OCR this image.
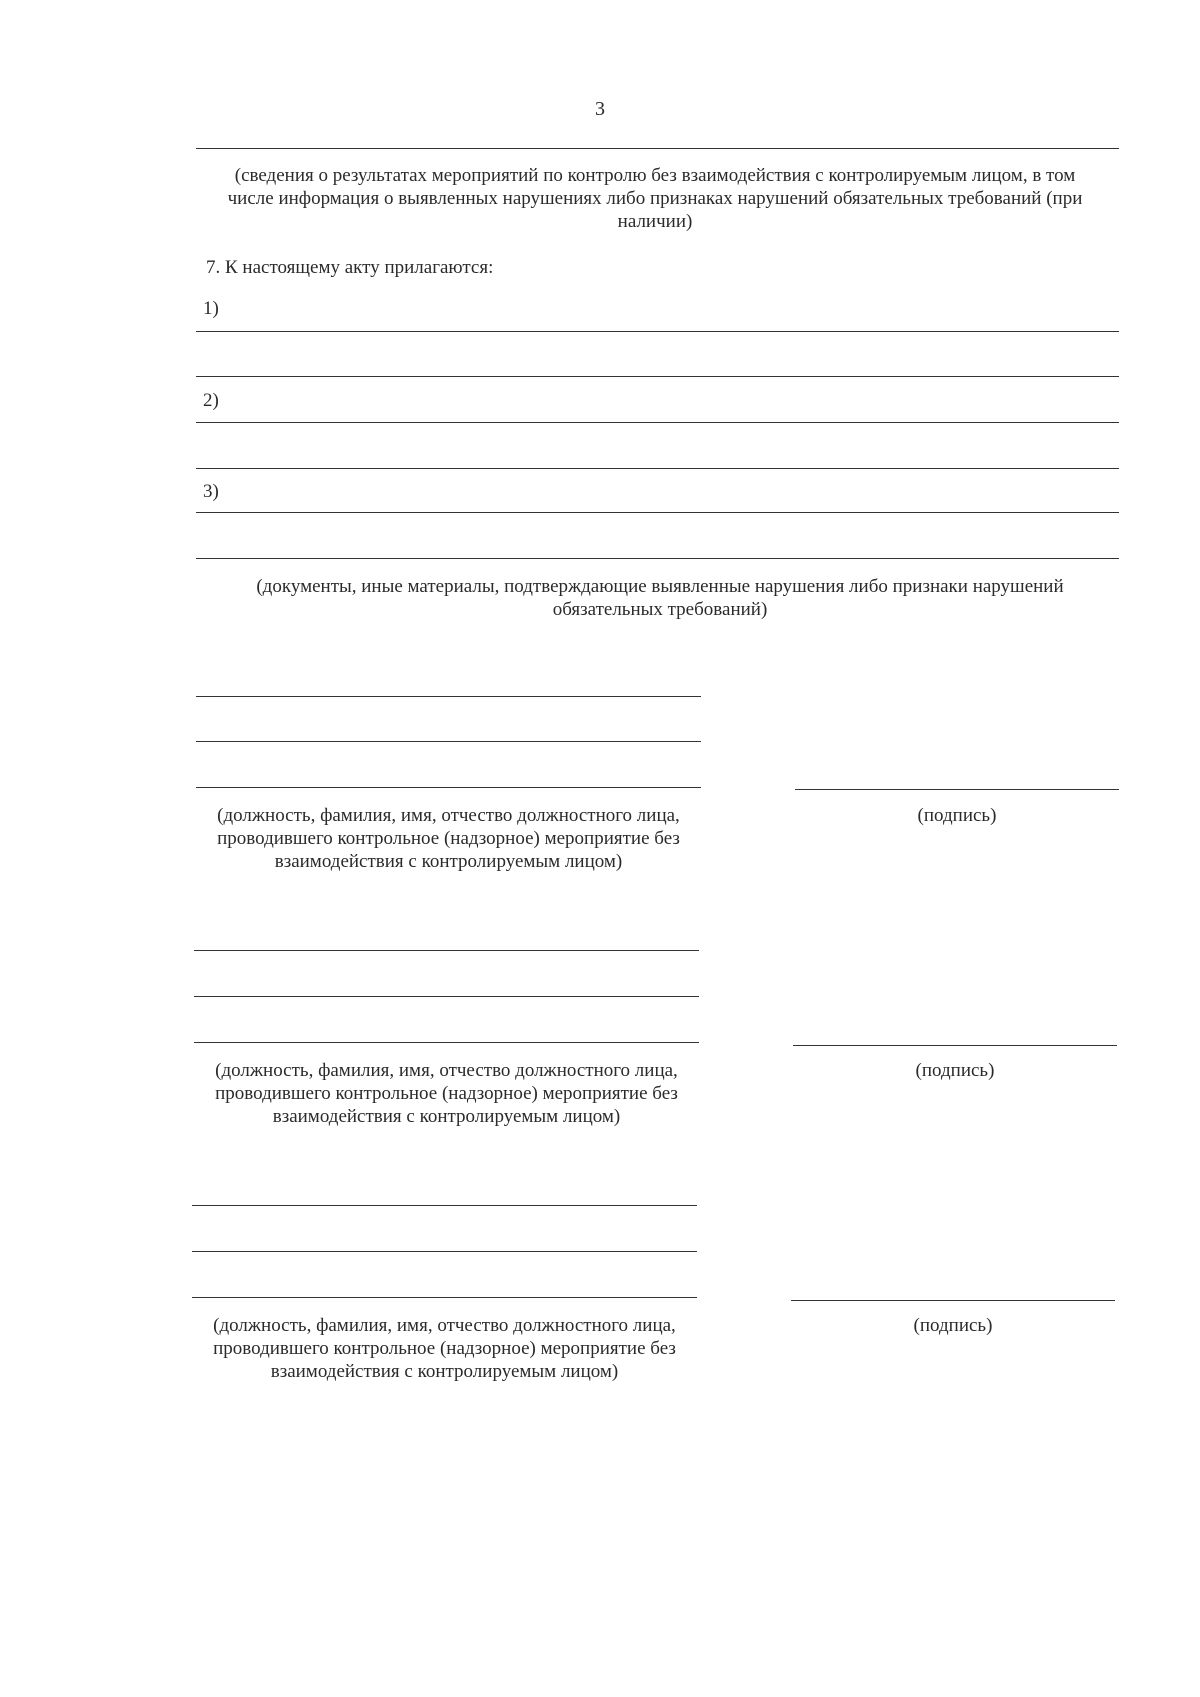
3
(сведения о результатах мероприятий по контролю без взаимодействия с контролируемым лицом, в том числе информация о выявленных нарушениях либо признаках нарушений обязательных требований (при наличии)
7. К настоящему акту прилагаются:
1)
2)
3)
(документы, иные материалы, подтверждающие выявленные нарушения либо признаки нарушений обязательных требований)
(должность, фамилия, имя, отчество должностного лица, проводившего контрольное (надзорное) мероприятие без взаимодействия с контролируемым лицом)
(подпись)
(должность, фамилия, имя, отчество должностного лица, проводившего контрольное (надзорное) мероприятие без взаимодействия с контролируемым лицом)
(подпись)
(должность, фамилия, имя, отчество должностного лица, проводившего контрольное (надзорное) мероприятие без взаимодействия с контролируемым лицом)
(подпись)
